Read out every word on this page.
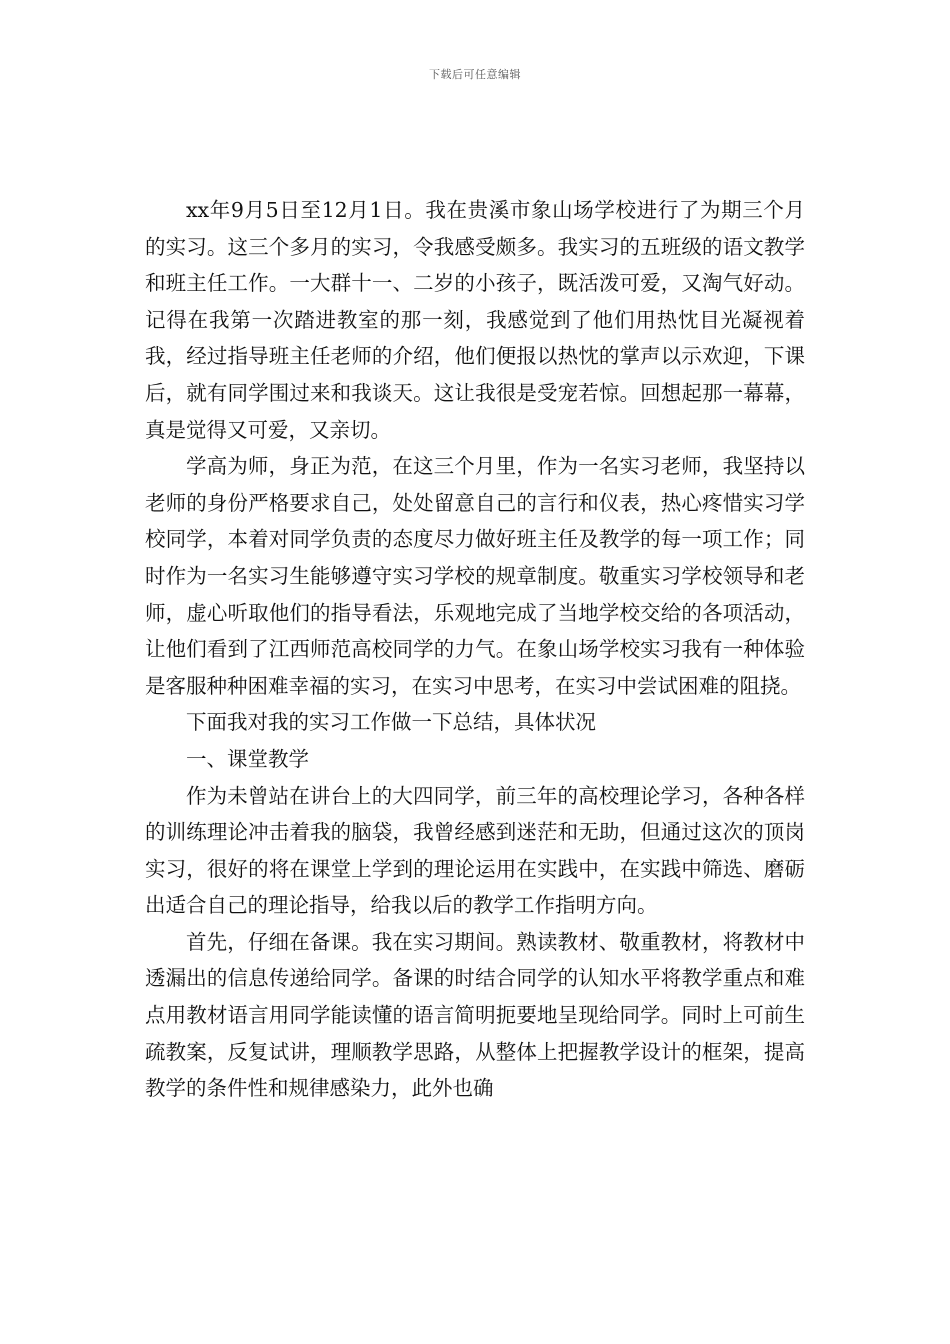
下载后可任意编辑

xx年9月5日至12月1日。我在贵溪市象山场学校进行了为期三个月的实习。这三个多月的实习，令我感受颇多。我实习的五班级的语文教学和班主任工作。一大群十一、二岁的小孩子，既活泼可爱，又淘气好动。记得在我第一次踏进教室的那一刻，我感觉到了他们用热忱目光凝视着我，经过指导班主任老师的介绍，他们便报以热忱的掌声以示欢迎，下课后，就有同学围过来和我谈天。这让我很是受宠若惊。回想起那一幕幕，真是觉得又可爱，又亲切。

学高为师，身正为范，在这三个月里，作为一名实习老师，我坚持以老师的身份严格要求自己，处处留意自己的言行和仪表，热心疼惜实习学校同学，本着对同学负责的态度尽力做好班主任及教学的每一项工作；同时作为一名实习生能够遵守实习学校的规章制度。敬重实习学校领导和老师，虚心听取他们的指导看法，乐观地完成了当地学校交给的各项活动，让他们看到了江西师范高校同学的力气。在象山场学校实习我有一种体验是客服种种困难幸福的实习，在实习中思考，在实习中尝试困难的阻挠。

下面我对我的实习工作做一下总结，具体状况

一、课堂教学

作为未曾站在讲台上的大四同学，前三年的高校理论学习，各种各样的训练理论冲击着我的脑袋，我曾经感到迷茫和无助，但通过这次的顶岗实习，很好的将在课堂上学到的理论运用在实践中，在实践中筛选、磨砺出适合自己的理论指导，给我以后的教学工作指明方向。

首先，仔细在备课。我在实习期间。熟读教材、敬重教材，将教材中透漏出的信息传递给同学。备课的时结合同学的认知水平将教学重点和难点用教材语言用同学能读懂的语言简明扼要地呈现给同学。同时上可前生疏教案，反复试讲，理顺教学思路，从整体上把握教学设计的框架，提高教学的条件性和规律感染力，此外也确
